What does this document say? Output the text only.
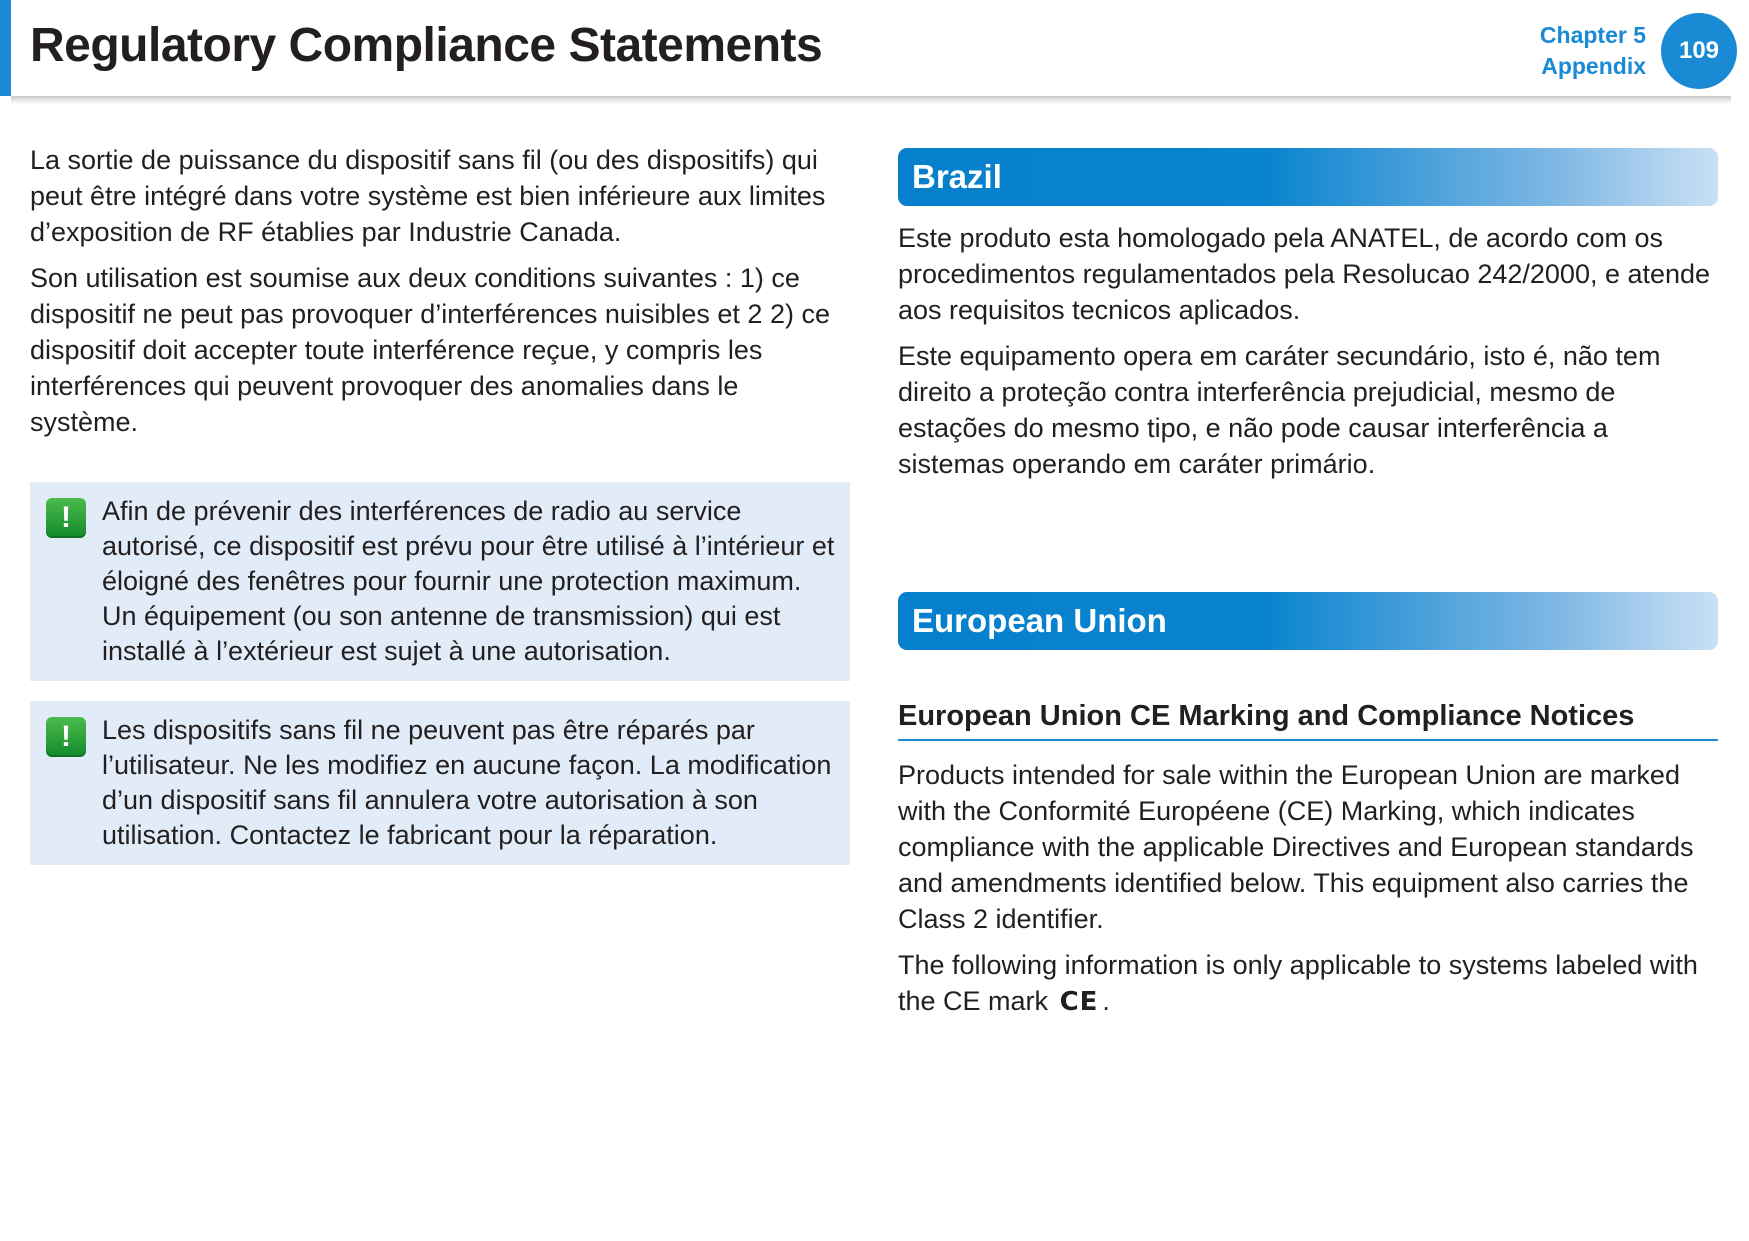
Regulatory Compliance Statements	Chapter 5
Appendix
109

La sortie de puissance du dispositif sans fil (ou des dispositifs) qui peut être intégré dans votre système est bien inférieure aux limites d’exposition de RF établies par Industrie Canada.

Son utilisation est soumise aux deux conditions suivantes : 1) ce dispositif ne peut pas provoquer d’interférences nuisibles et 2 2) ce dispositif doit accepter toute interférence reçue, y compris les interférences qui peuvent provoquer des anomalies dans le système.

!	Afin de prévenir des interférences de radio au service autorisé, ce dispositif est prévu pour être utilisé à l’intérieur et éloigné des fenêtres pour fournir une protection maximum. Un équipement (ou son antenne de transmission) qui est installé à l’extérieur est sujet à une autorisation.
!	Les dispositifs sans fil ne peuvent pas être réparés par l’utilisateur. Ne les modifiez en aucune façon. La modification d’un dispositif sans fil annulera votre autorisation à son utilisation. Contactez le fabricant pour la réparation.
Brazil

Este produto esta homologado pela ANATEL, de acordo com os procedimentos regulamentados pela Resolucao 242/2000, e atende aos requisitos tecnicos aplicados.

Este equipamento opera em caráter secundário, isto é, não tem direito a proteção contra interferência prejudicial, mesmo de estações do mesmo tipo, e não pode causar interferência a sistemas operando em caráter primário.

European Union
European Union CE Marking and Compliance Notices

Products intended for sale within the European Union are marked with the Conformité Européene (CE) Marking, which indicates compliance with the applicable Directives and European standards and amendments identified below. This equipment also carries the Class 2 identifier.

The following information is only applicable to systems labeled with the CE mark CE .
